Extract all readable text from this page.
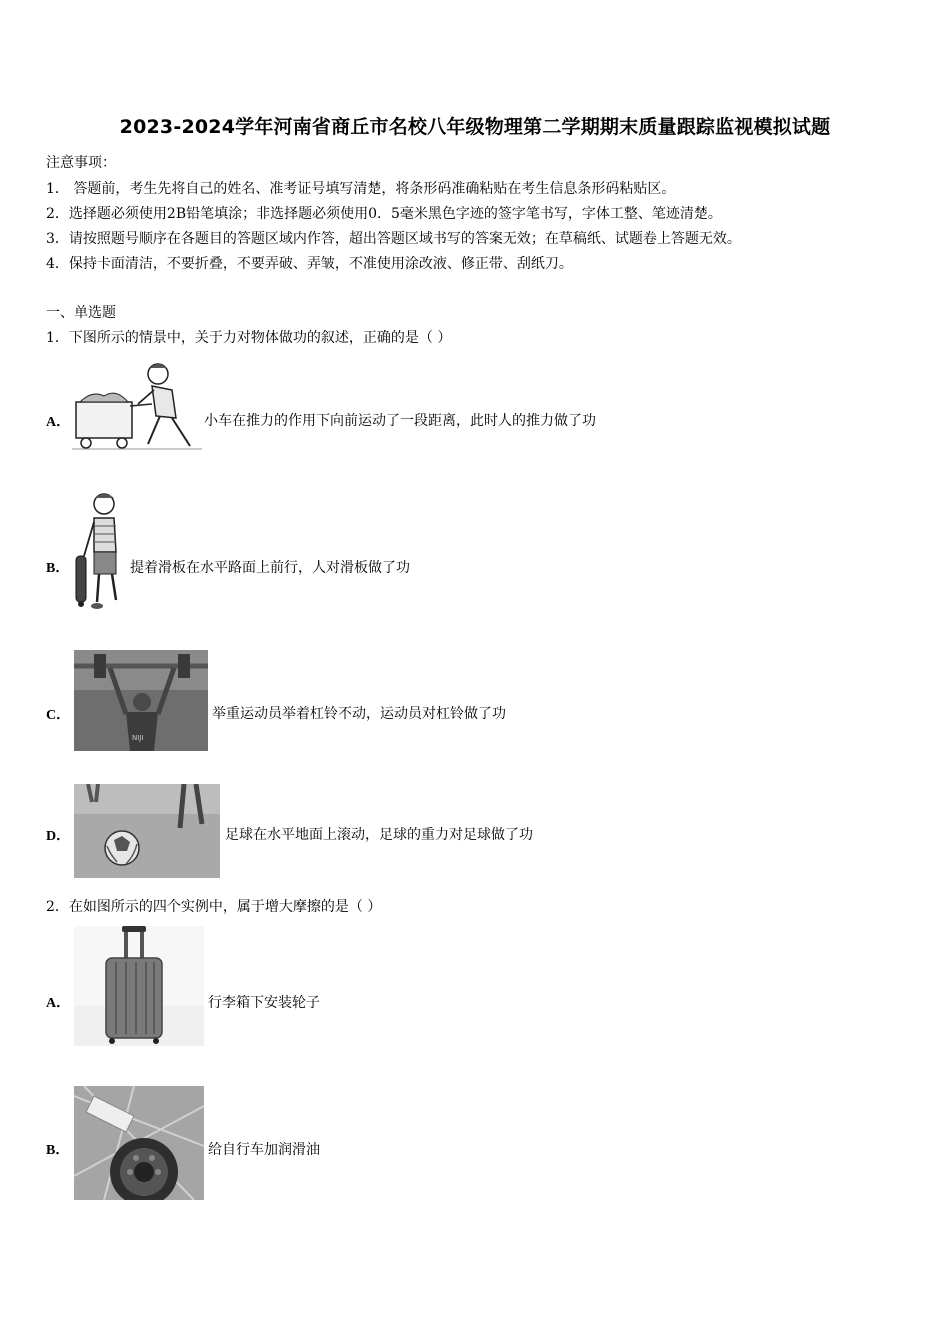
2023-2024学年河南省商丘市名校八年级物理第二学期期末质量跟踪监视模拟试题
注意事项：
1． 答题前，考生先将自己的姓名、准考证号填写清楚，将条形码准确粘贴在考生信息条形码粘贴区。
2．选择题必须使用2B铅笔填涂；非选择题必须使用0．5毫米黑色字迹的签字笔书写，字体工整、笔迹清楚。
3．请按照题号顺序在各题目的答题区域内作答，超出答题区域书写的答案无效；在草稿纸、试题卷上答题无效。
4．保持卡面清洁，不要折叠，不要弄破、弄皱，不准使用涂改液、修正带、刮纸刀。
一、单选题
1．下图所示的情景中，关于力对物体做功的叙述，正确的是（ ）
A．	小车在推力的作用下向前运动了一段距离，此时人的推力做了功
B．	提着滑板在水平路面上前行，人对滑板做了功
C．
NIJI
举重运动员举着杠铃不动，运动员对杠铃做了功
D．	足球在水平地面上滚动，足球的重力对足球做了功
2．在如图所示的四个实例中，属于增大摩擦的是（ ）
A．	行李箱下安装轮子
B．	给自行车加润滑油
